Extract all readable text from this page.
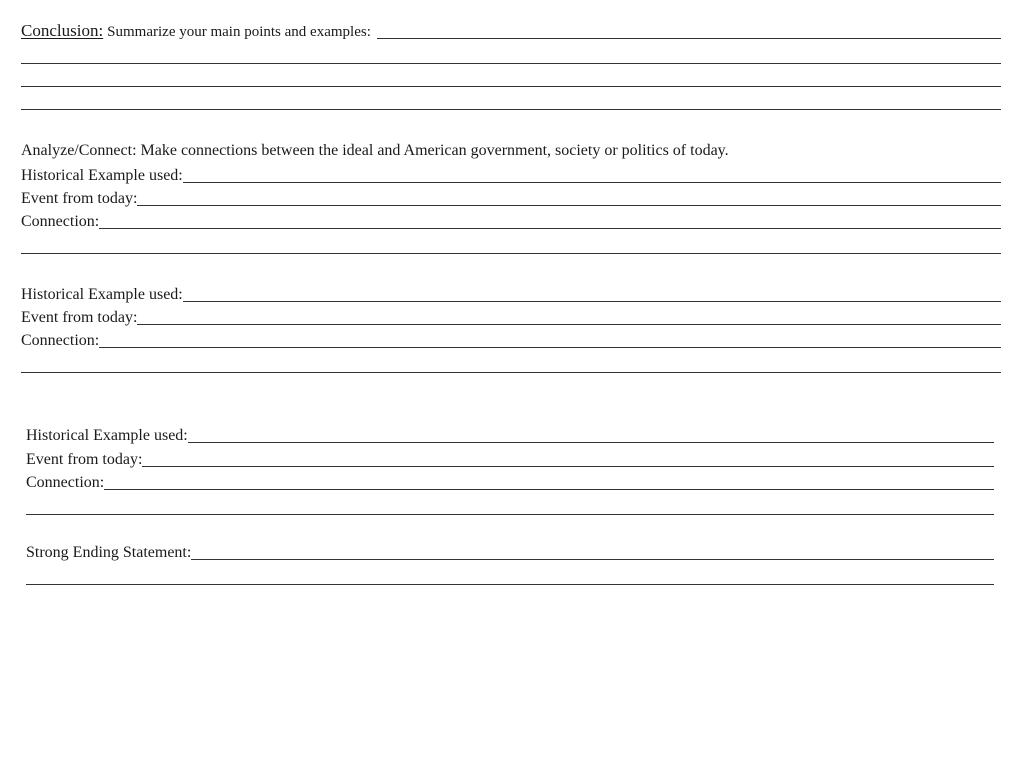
Conclusion: Summarize your main points and examples:
Analyze/Connect: Make connections between the ideal and American government, society or politics of today.
Historical Example used:
Event from today:
Connection:
Historical Example used:
Event from today:
Connection:
Historical Example used:
Event from today:
Connection:
Strong Ending Statement:
